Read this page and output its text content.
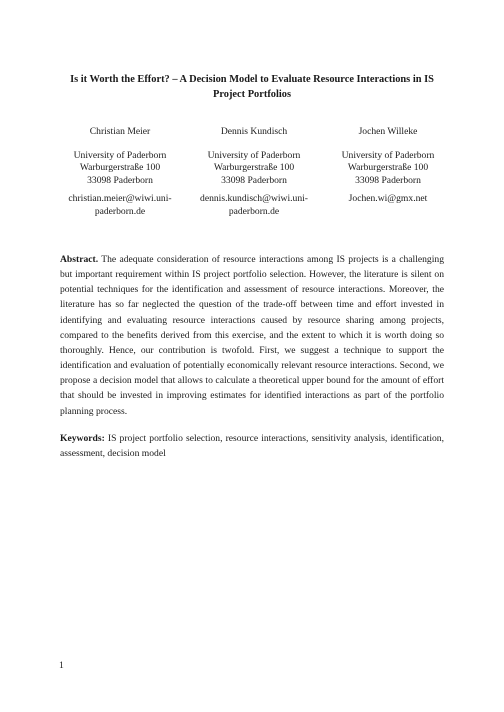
Is it Worth the Effort? – A Decision Model to Evaluate Resource Interactions in IS Project Portfolios
Christian Meier
University of Paderborn
Warburgerstraße 100
33098 Paderborn
christian.meier@wiwi.uni-paderborn.de
Dennis Kundisch
University of Paderborn
Warburgerstraße 100
33098 Paderborn
dennis.kundisch@wiwi.uni-paderborn.de
Jochen Willeke
University of Paderborn
Warburgerstraße 100
33098 Paderborn
Jochen.wi@gmx.net
Abstract. The adequate consideration of resource interactions among IS projects is a challenging but important requirement within IS project portfolio selection. However, the literature is silent on potential techniques for the identification and assessment of resource interactions. Moreover, the literature has so far neglected the question of the trade-off between time and effort invested in identifying and evaluating resource interactions caused by resource sharing among projects, compared to the benefits derived from this exercise, and the extent to which it is worth doing so thoroughly. Hence, our contribution is twofold. First, we suggest a technique to support the identification and evaluation of potentially economically relevant resource interactions. Second, we propose a decision model that allows to calculate a theoretical upper bound for the amount of effort that should be invested in improving estimates for identified interactions as part of the portfolio planning process.
Keywords: IS project portfolio selection, resource interactions, sensitivity analysis, identification, assessment, decision model
1
